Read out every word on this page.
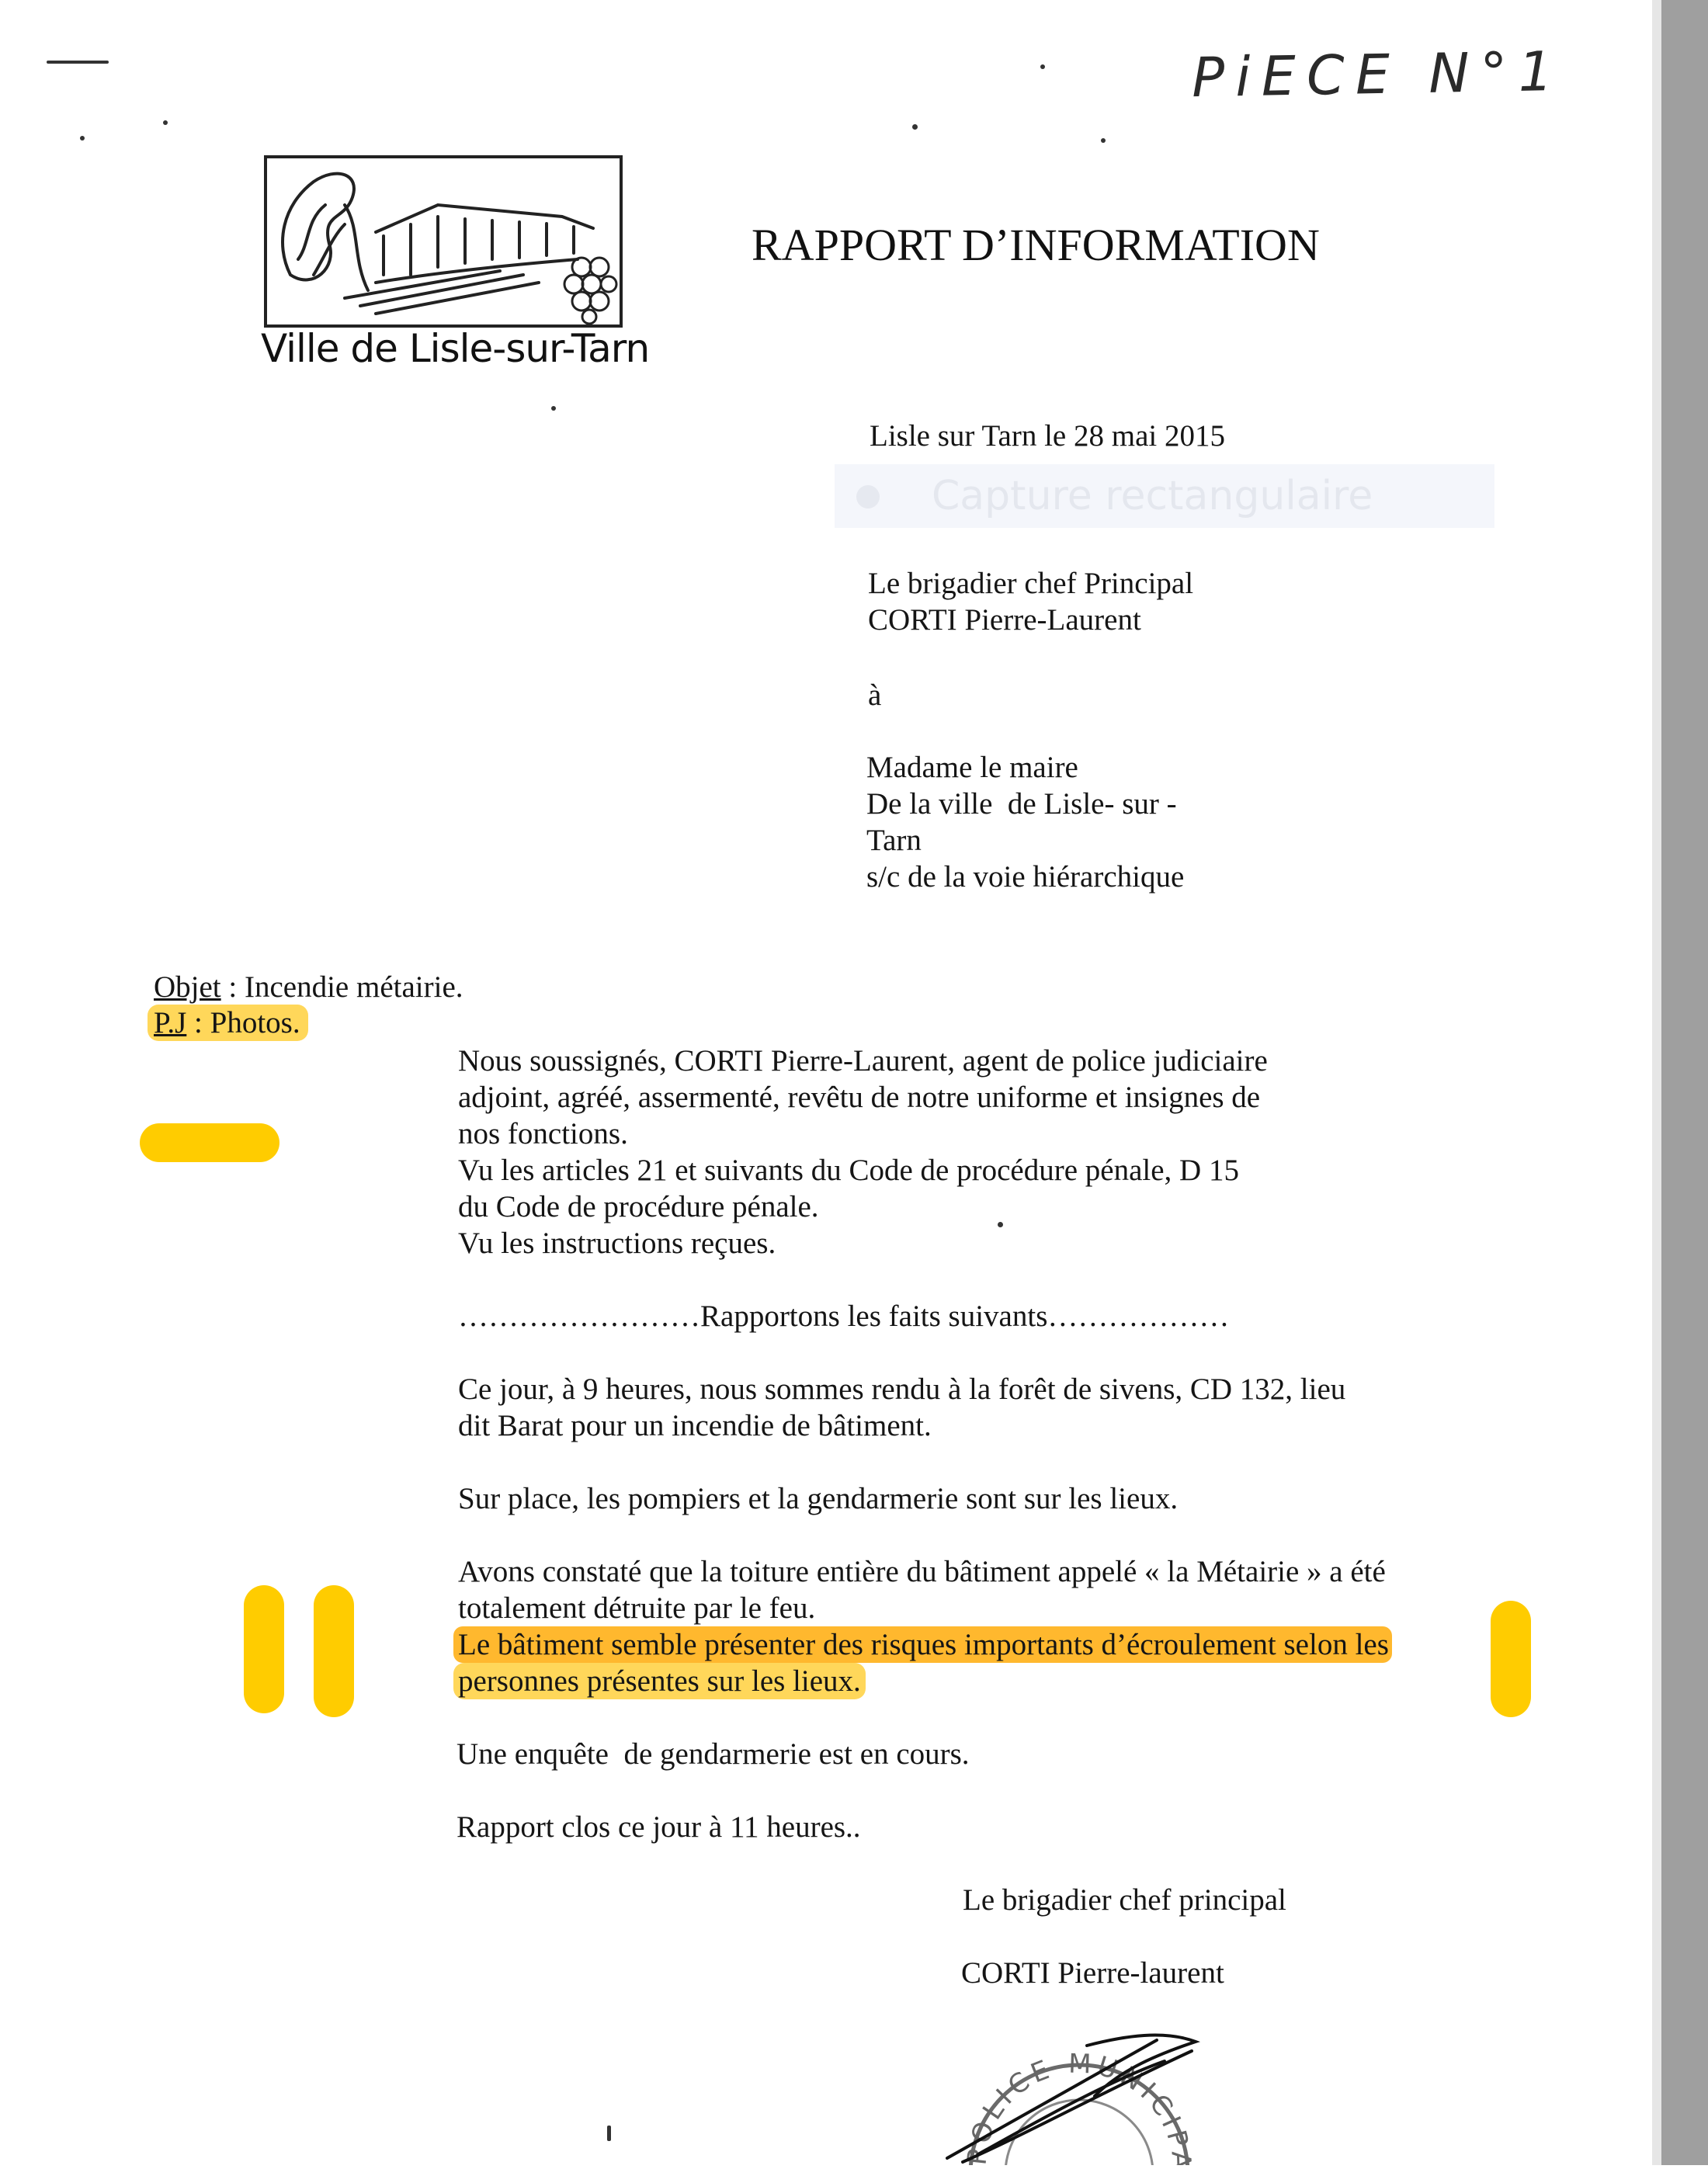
PiECE N°1
Ville de Lisle-sur-Tarn
RAPPORT D’INFORMATION
Lisle sur Tarn le 28 mai 2015
Capture rectangulaire
Le brigadier chef Principal
CORTI Pierre-Laurent
à
Madame le maire
De la ville  de Lisle- sur -
Tarn
s/c de la voie hiérarchique
Objet : Incendie métairie.
P.J : Photos.
Nous soussignés, CORTI Pierre-Laurent, agent de police judiciaire
adjoint, agréé, assermenté, revêtu de notre uniforme et insignes de
nos fonctions.
Vu les articles 21 et suivants du Code de procédure pénale, D 15
du Code de procédure pénale.
Vu les instructions reçues.
……………………Rapportons les faits suivants………………
Ce jour, à 9 heures, nous sommes rendu à la forêt de sivens, CD 132, lieu
dit Barat pour un incendie de bâtiment.
Sur place, les pompiers et la gendarmerie sont sur les lieux.
Avons constaté que la toiture entière du bâtiment appelé « la Métairie » a été
totalement détruite par le feu.
Le bâtiment semble présenter des risques importants d’écroulement selon les
personnes présentes sur les lieux.
Une enquête  de gendarmerie est en cours.
Rapport clos ce jour à 11 heures..
Le brigadier chef principal
CORTI Pierre-laurent
POLICE MUNICIPA
